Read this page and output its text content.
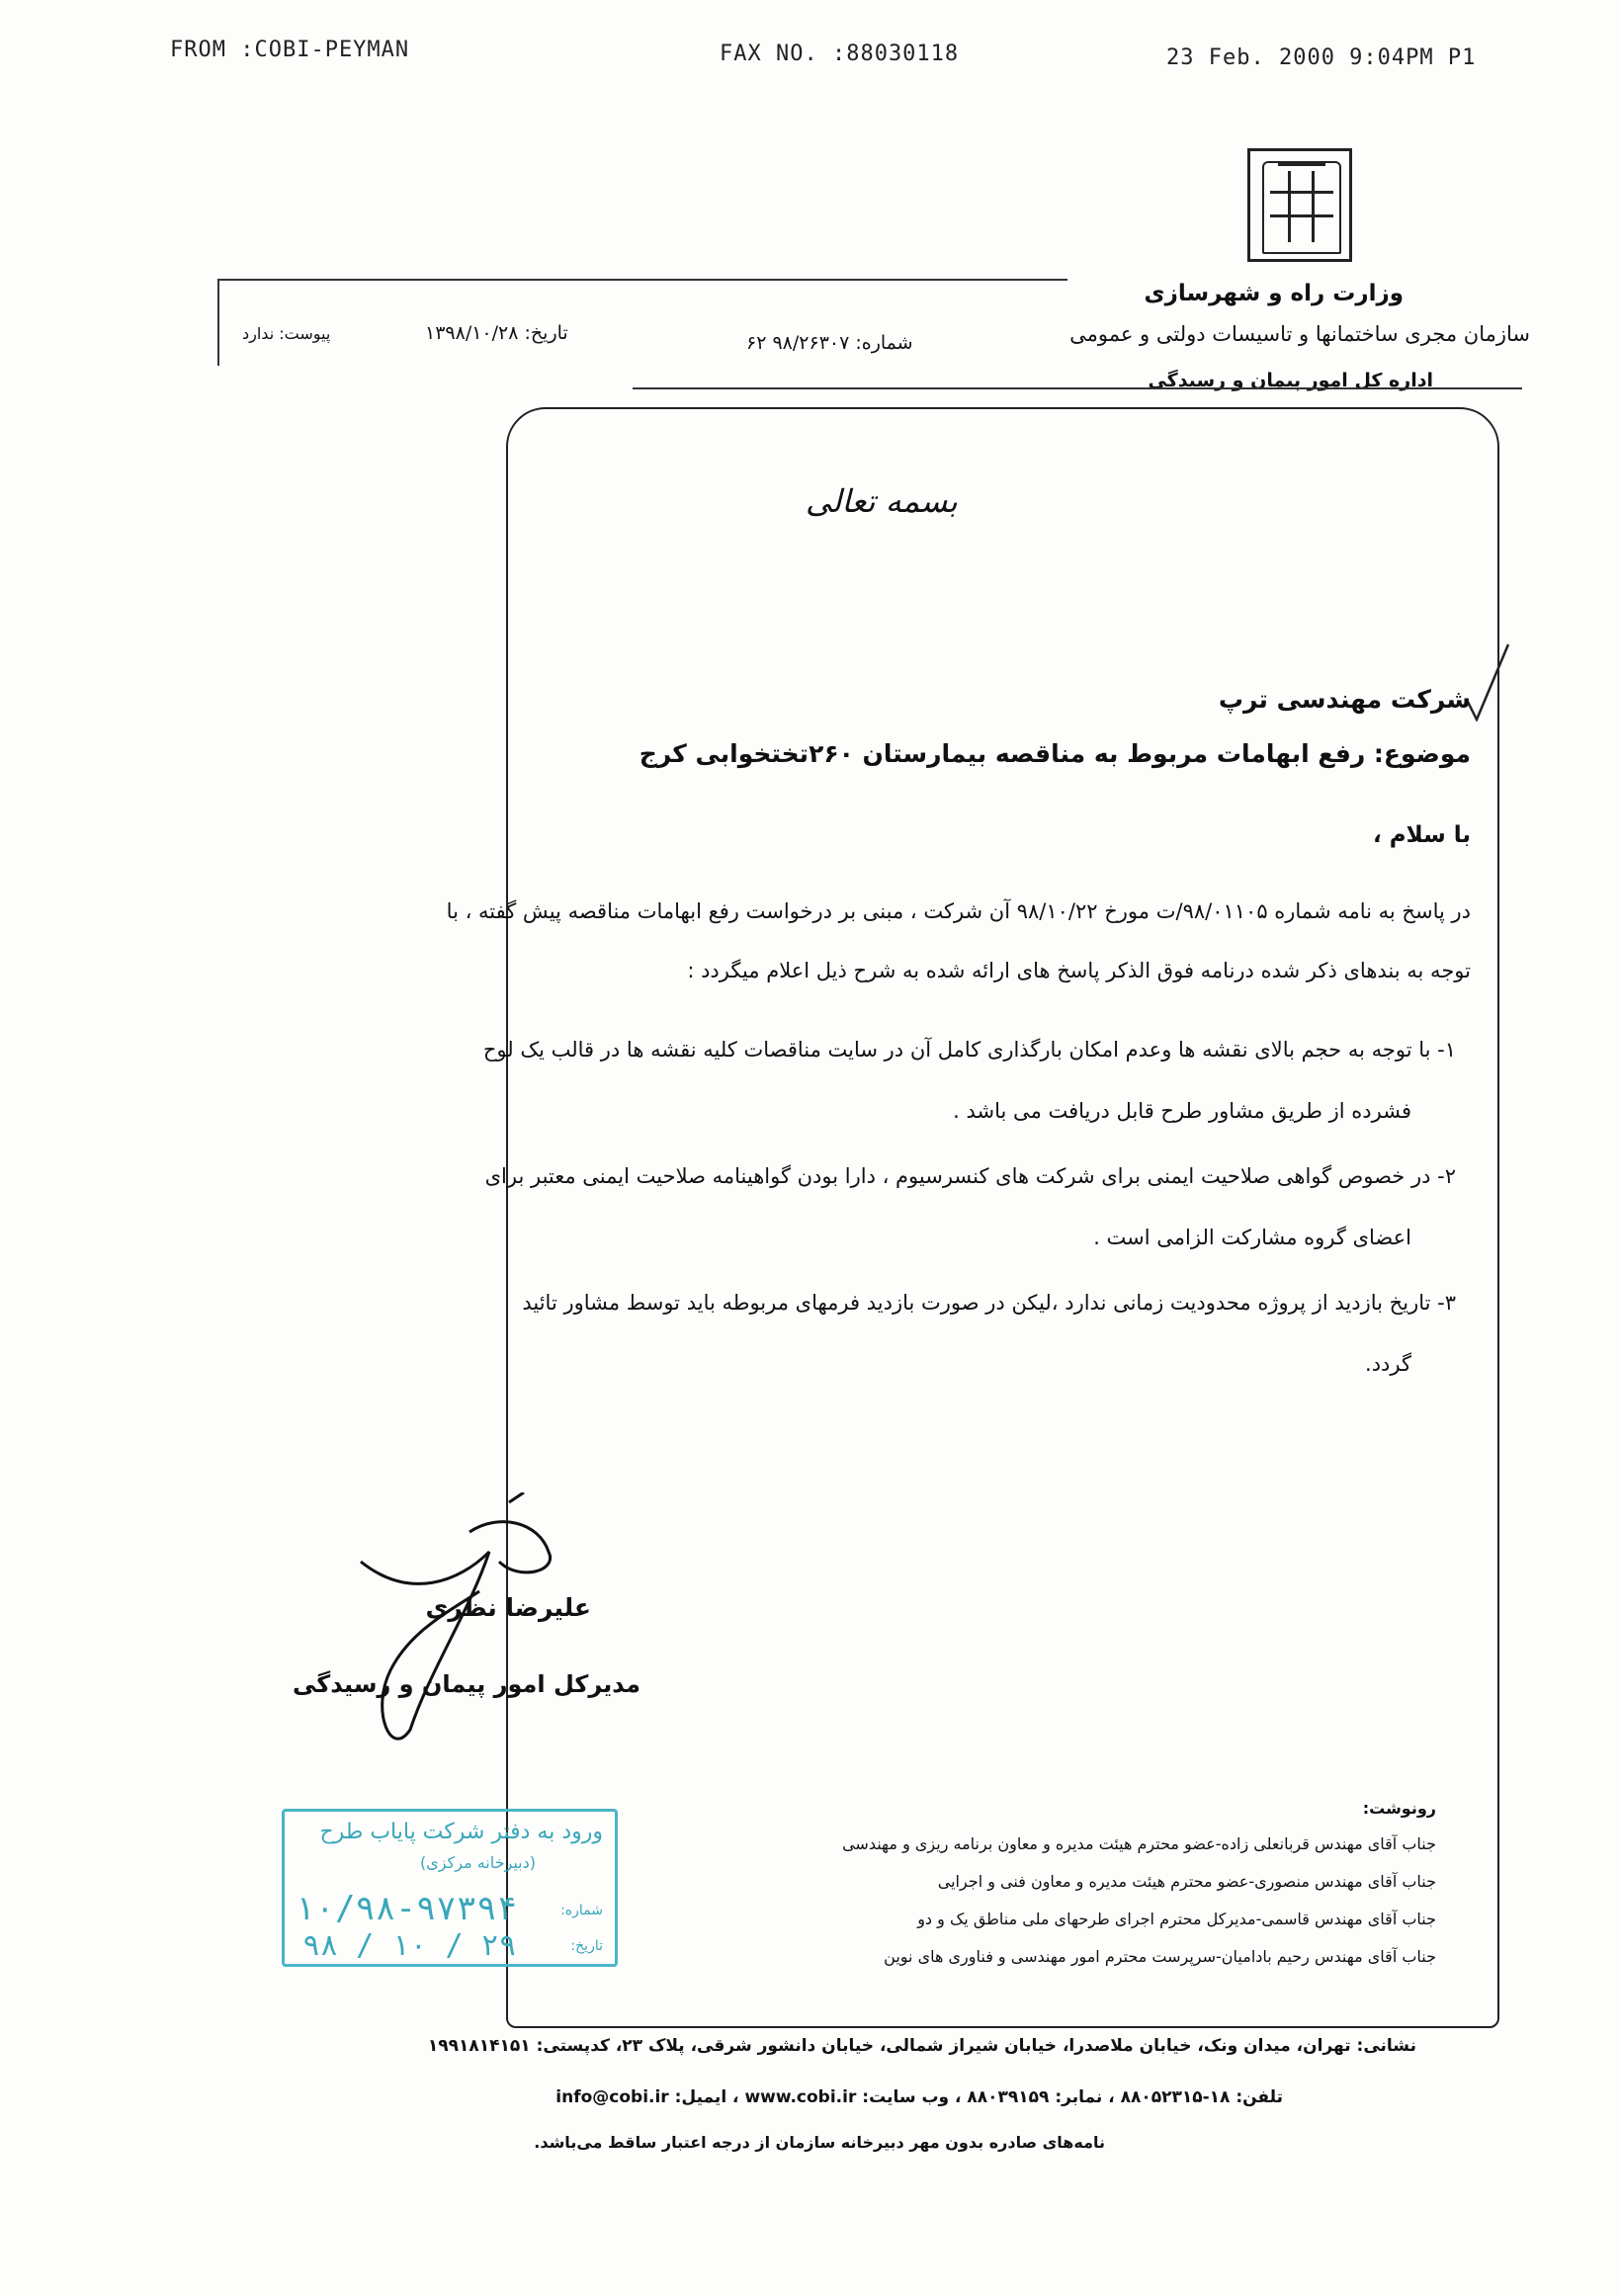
FROM :COBI-PEYMAN	FAX NO. :88030118	23 Feb. 2000 9:04PM P1
وزارت راه و شهرسازی
سازمان مجری ساختمانها و تاسیسات دولتی و عمومی
اداره کل امور پیمان و رسیدگی
شماره: ۹۸/۲۶۳۰۷ ۶۲
تاریخ: ۱۳۹۸/۱۰/۲۸
پیوست: ندارد
بسمه تعالی
شرکت مهندسی ترپ
موضوع: رفع ابهامات مربوط به مناقصه بیمارستان ۲۶۰تختخوابی کرج
با سلام ،
در پاسخ به نامه شماره ۹۸/۰۱۱۰۵/ت مورخ ۹۸/۱۰/۲۲ آن شرکت ، مبنی بر درخواست رفع ابهامات مناقصه پیش گفته ، با
توجه به بندهای ذکر شده درنامه فوق الذکر پاسخ های ارائه شده به شرح ذیل اعلام میگردد :
۱- با توجه به حجم بالای نقشه ها وعدم امکان بارگذاری کامل آن در سایت مناقصات کلیه نقشه ها در قالب یک لوح
فشرده از طریق مشاور طرح قابل دریافت می باشد .
۲- در خصوص گواهی صلاحیت ایمنی برای شرکت های کنسرسیوم ، دارا بودن گواهینامه صلاحیت ایمنی معتبر برای
اعضای گروه مشارکت الزامی است .
۳- تاریخ بازدید از پروژه محدودیت زمانی ندارد ،لیکن در صورت بازدید فرمهای مربوطه باید توسط مشاور تائید
گردد.
علیرضا نظری
مدیرکل امور پیمان و رسیدگی
ورود به دفتر شرکت پایاب طرح
(دبیرخانه مرکزی)
شماره:
۱۰/۹۸-۹۷۳۹۴
تاریخ:
۹۸ / ۱۰ / ۲۹
رونوشت:
جناب آقای مهندس قربانعلی زاده-عضو محترم هیئت مدیره و معاون برنامه ریزی و مهندسی
جناب آقای مهندس منصوری-عضو محترم هیئت مدیره و معاون فنی و اجرایی
جناب آقای مهندس قاسمی-مدیرکل محترم اجرای طرحهای ملی مناطق یک و دو
جناب آقای مهندس رحیم بادامیان-سرپرست محترم امور مهندسی و فناوری های نوین
نشانی: تهران، میدان ونک، خیابان ملاصدرا، خیابان شیراز شمالی، خیابان دانشور شرقی، پلاک ۲۳، کدپستی: ۱۹۹۱۸۱۴۱۵۱
تلفن: ۱۸-۸۸۰۵۲۳۱۵ ، نمابر: ۸۸۰۳۹۱۵۹ ، وب سایت: www.cobi.ir ، ایمیل: info@cobi.ir
نامه‌های صادره بدون مهر دبیرخانه سازمان از درجه اعتبار ساقط می‌باشد.
